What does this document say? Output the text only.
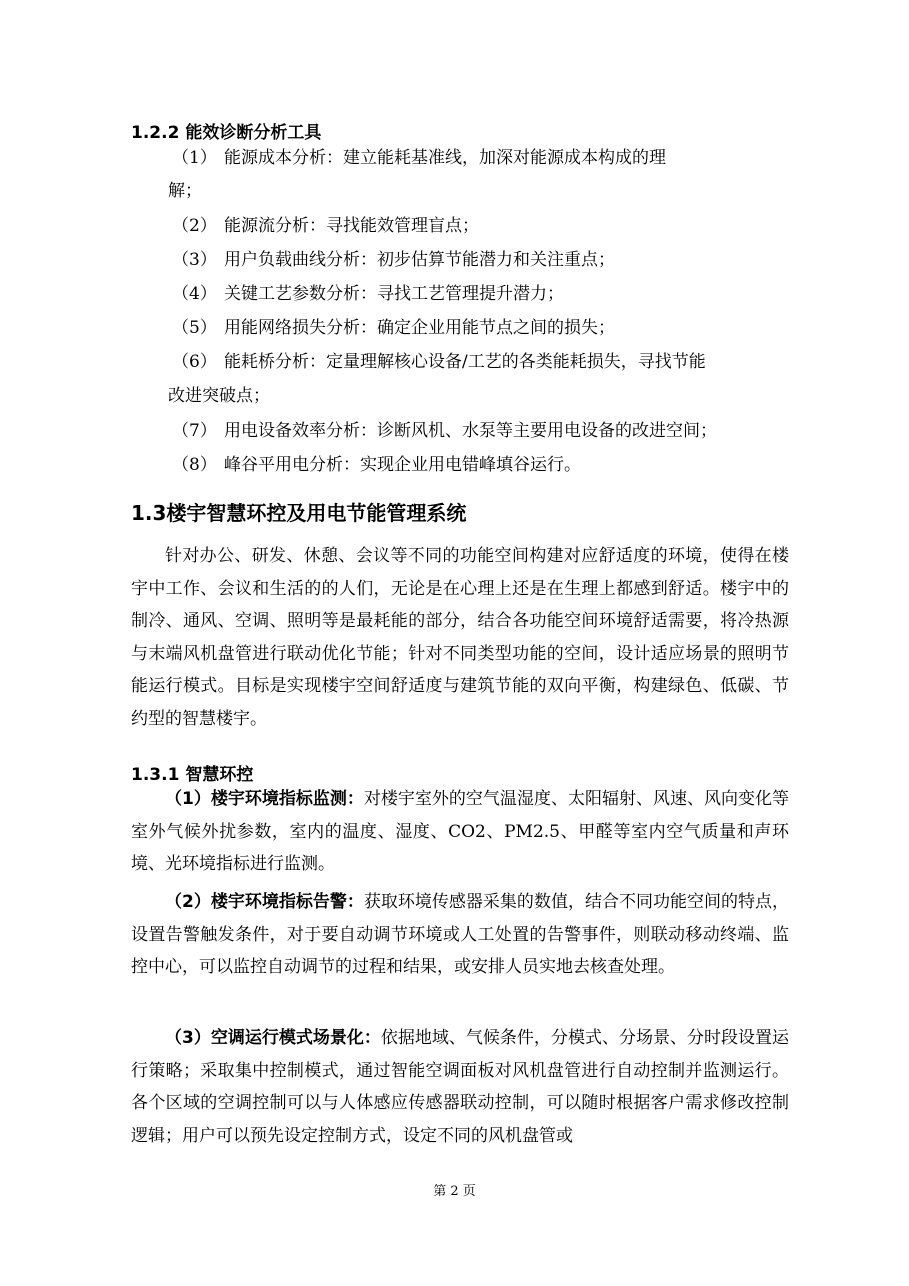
1.2.2 能效诊断分析工具
（1） 能源成本分析：建立能耗基准线，加深对能源成本构成的理
解；
（2） 能源流分析：寻找能效管理盲点；
（3） 用户负载曲线分析：初步估算节能潜力和关注重点；
（4） 关键工艺参数分析：寻找工艺管理提升潜力；
（5） 用能网络损失分析：确定企业用能节点之间的损失；
（6） 能耗桥分析：定量理解核心设备/工艺的各类能耗损失，寻找节能
改进突破点；
（7） 用电设备效率分析：诊断风机、水泵等主要用电设备的改进空间；
（8） 峰谷平用电分析：实现企业用电错峰填谷运行。
1.3楼宇智慧环控及用电节能管理系统

针对办公、研发、休憩、会议等不同的功能空间构建对应舒适度的环境，使得在楼宇中工作、会议和生活的的人们，无论是在心理上还是在生理上都感到舒适。楼宇中的制冷、通风、空调、照明等是最耗能的部分，结合各功能空间环境舒适需要，将冷热源与末端风机盘管进行联动优化节能；针对不同类型功能的空间，设计适应场景的照明节能运行模式。目标是实现楼宇空间舒适度与建筑节能的双向平衡，构建绿色、低碳、节约型的智慧楼宇。

1.3.1 智慧环控

（1）楼宇环境指标监测：对楼宇室外的空气温湿度、太阳辐射、风速、风向变化等室外气候外扰参数，室内的温度、湿度、CO2、PM2.5、甲醛等室内空气质量和声环境、光环境指标进行监测。

（2）楼宇环境指标告警：获取环境传感器采集的数值，结合不同功能空间的特点，设置告警触发条件，对于要自动调节环境或人工处置的告警事件，则联动移动终端、监控中心，可以监控自动调节的过程和结果，或安排人员实地去核查处理。

（3）空调运行模式场景化：依据地域、气候条件，分模式、分场景、分时段设置运行策略；采取集中控制模式，通过智能空调面板对风机盘管进行自动控制并监测运行。各个区域的空调控制可以与人体感应传感器联动控制，可以随时根据客户需求修改控制逻辑；用户可以预先设定控制方式，设定不同的风机盘管或

第 2 页
